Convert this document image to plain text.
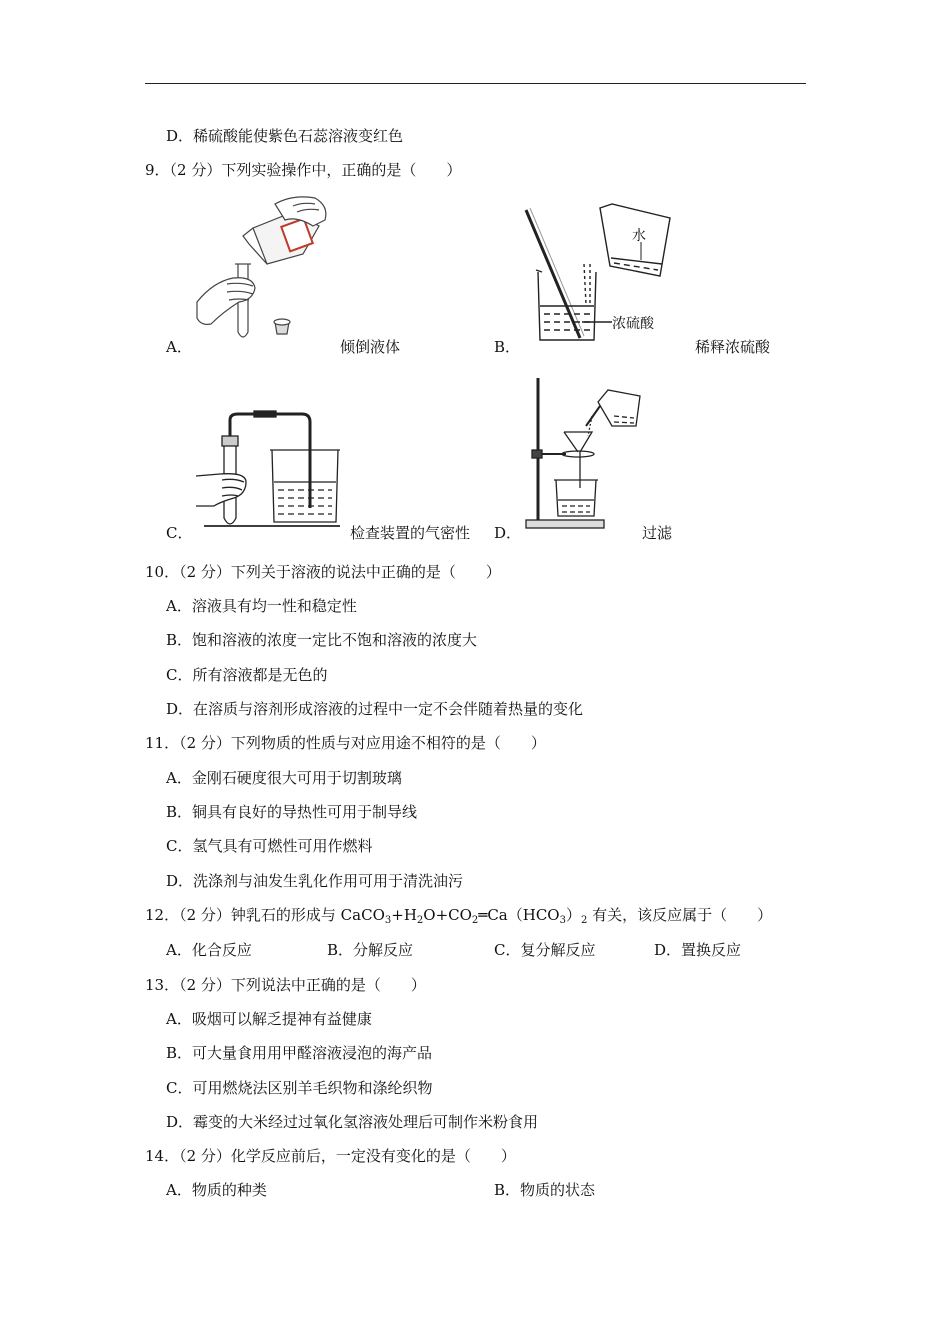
D．稀硫酸能使紫色石蕊溶液变红色
9．（2 分）下列实验操作中，正确的是（　　）
A．	倾倒液体
水
浓硫酸
B．	稀释浓硫酸
C．	检查装置的气密性 D．	过滤
10．（2 分）下列关于溶液的说法中正确的是（　　）
A．溶液具有均一性和稳定性
B．饱和溶液的浓度一定比不饱和溶液的浓度大
C．所有溶液都是无色的
D．在溶质与溶剂形成溶液的过程中一定不会伴随着热量的变化
11．（2 分）下列物质的性质与对应用途不相符的是（　　）
A．金刚石硬度很大可用于切割玻璃
B．铜具有良好的导热性可用于制导线
C．氢气具有可燃性可用作燃料
D．洗涤剂与油发生乳化作用可用于清洗油污
12．（2 分）钟乳石的形成与 $CaCO_3+H_2O+CO_2═Ca(HCO_3)_2$ 有关，该反应属于（　　）
A．化合反应	B．分解反应	C．复分解反应	D．置换反应
13．（2 分）下列说法中正确的是（　　）
A．吸烟可以解乏提神有益健康
B．可大量食用用甲醛溶液浸泡的海产品
C．可用燃烧法区别羊毛织物和涤纶织物
D．霉变的大米经过过氧化氢溶液处理后可制作米粉食用
14．（2 分）化学反应前后，一定没有变化的是（　　）
A．物质的种类	B．物质的状态
